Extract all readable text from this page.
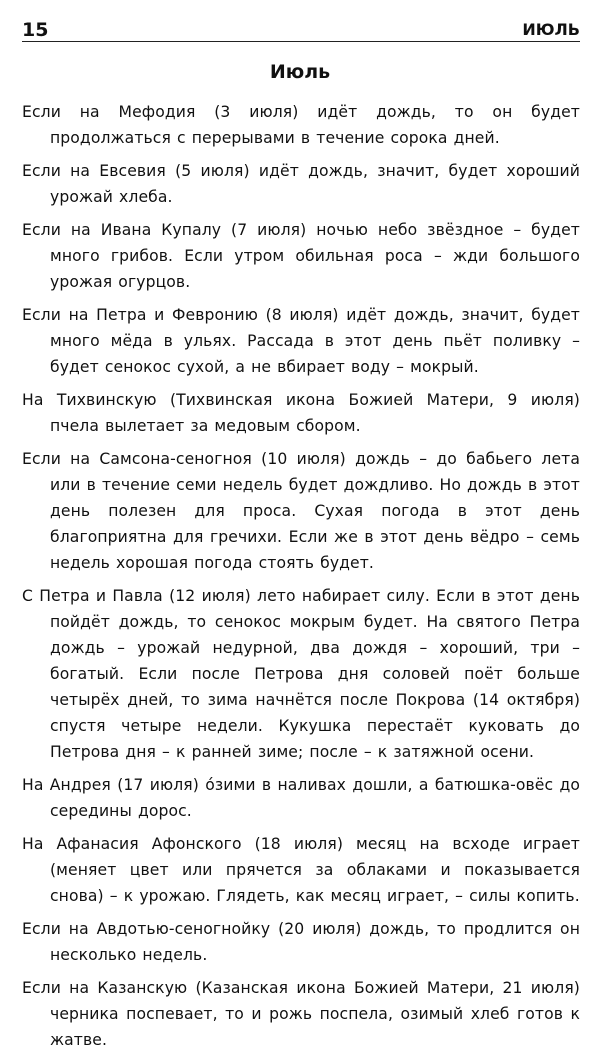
15	ИЮЛЬ
Июль

Если на Мефодия (3 июля) идёт дождь, то он будет продолжаться с перерывами в течение сорока дней.

Если на Евсевия (5 июля) идёт дождь, значит, будет хороший урожай хлеба.

Если на Ивана Купалу (7 июля) ночью небо звёздное – будет много грибов. Если утром обильная роса – жди большого урожая огурцов.

Если на Петра и Февронию (8 июля) идёт дождь, значит, будет много мёда в ульях. Рассада в этот день пьёт поливку – будет сенокос сухой, а не вбирает воду – мокрый.

На Тихвинскую (Тихвинская икона Божией Матери, 9 июля) пчела вылетает за медовым сбором.

Если на Самсона-сеногноя (10 июля) дождь – до бабьего лета или в течение семи недель будет дождливо. Но дождь в этот день полезен для проса. Сухая погода в этот день благоприятна для гречихи. Если же в этот день вёдро – семь недель хорошая погода стоять будет.

С Петра и Павла (12 июля) лето набирает силу. Если в этот день пойдёт дождь, то сенокос мокрым будет. На святого Петра дождь – урожай недурной, два дождя – хороший, три – богатый. Если после Петрова дня соловей поёт больше четырёх дней, то зима начнётся после Покрова (14 октября) спустя четыре недели. Кукушка перестаёт куковать до Петрова дня – к ранней зиме; после – к затяжной осени.

На Андрея (17 июля) о́зими в наливах дошли, а батюшка-овёс до середины дорос.

На Афанасия Афонского (18 июля) месяц на всходе играет (меняет цвет или прячется за облаками и показывается снова) – к урожаю. Глядеть, как месяц играет, – силы копить.

Если на Авдотью-сеногнойку (20 июля) дождь, то продлится он несколько недель.

Если на Казанскую (Казанская икона Божией Матери, 21 июля) черника поспевает, то и рожь поспела, озимый хлеб готов к жатве.
